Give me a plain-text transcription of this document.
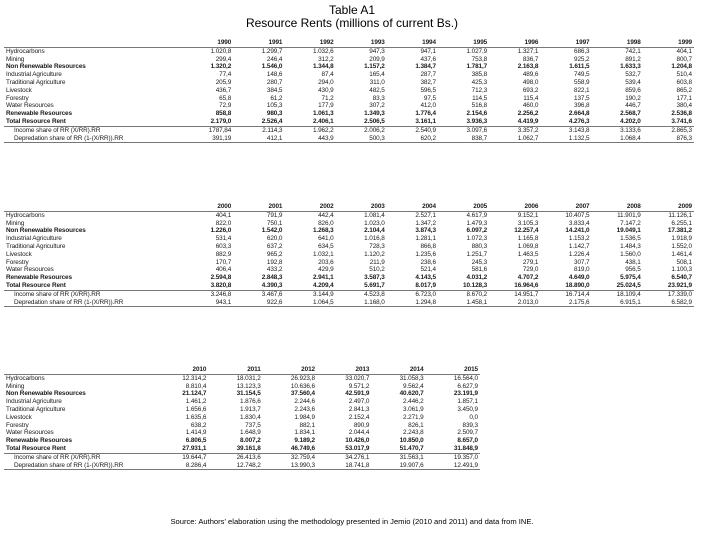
Table A1
Resource Rents (millions of current Bs.)
	1990	1991	1992	1993	1994	1995	1996	1997	1998	1999
Hydrocarbons	1.020,8	1.299,7	1.032,6	947,3	947,1	1.027,9	1.327,1	686,3	742,1	404,1
Mining	299,4	246,4	312,2	209,9	437,6	753,8	836,7	925,2	891,2	800,7
Non Renewable Resources	1.320,2	1.546,0	1.344,8	1.157,2	1.384,7	1.781,7	2.163,8	1.611,5	1.633,3	1.204,8
Industrial Agriculture	77,4	148,6	87,4	165,4	287,7	385,8	489,6	749,5	532,7	510,4
Traditional Agriculture	205,9	280,7	294,0	311,0	382,7	425,3	498,0	558,9	539,4	603,8
Livestock	436,7	384,5	430,9	482,5	596,5	712,3	693,2	822,1	859,6	865,2
Forestry	65,8	61,2	71,2	83,3	97,5	114,5	115,4	137,5	190,2	177,1
Water Resources	72,9	105,3	177,9	307,2	412,0	516,8	460,0	396,8	446,7	380,4
Renewable Resources	858,8	980,3	1.061,3	1.349,3	1.776,4	2.154,6	2.256,2	2.664,8	2.568,7	2.536,8
Total Resource Rent	2.179,0	2.526,4	2.406,1	2.506,5	3.161,1	3.936,3	4.419,9	4.276,3	4.202,0	3.741,6
Income share of RR (X/RR).RR	1787,84	2.114,3	1.962,2	2.006,2	2.540,9	3.097,6	3.357,2	3.143,8	3.133,6	2.865,3
Depredation share of RR (1-(X/RR)).RR	391,19	412,1	443,9	500,3	620,2	838,7	1.062,7	1.132,5	1.068,4	876,3
	2000	2001	2002	2003	2004	2005	2006	2007	2008	2009
Hydrocarbons	404,1	791,9	442,4	1.081,4	2.527,1	4.617,9	9.152,1	10.407,5	11.901,9	11.126,1
Mining	822,0	750,1	826,0	1.023,0	1.347,2	1.479,3	3.105,3	3.833,4	7.147,2	6.255,1
Non Renewable Resources	1.226,0	1.542,0	1.268,3	2.104,4	3.874,3	6.097,2	12.257,4	14.241,0	19.049,1	17.381,2
Industrial Agriculture	531,4	620,0	641,0	1.016,8	1.281,1	1.072,3	1.165,8	1.153,2	1.536,5	1.918,9
Traditional Agriculture	603,3	637,2	634,5	728,3	866,8	880,3	1.069,8	1.142,7	1.484,3	1.552,0
Livestock	882,9	965,2	1.032,1	1.120,2	1.235,6	1.251,7	1.463,5	1.226,4	1.560,0	1.461,4
Forestry	170,7	192,8	203,6	211,9	238,6	245,3	279,1	307,7	438,1	508,1
Water Resources	406,4	433,2	429,9	510,2	521,4	581,6	729,0	819,0	956,5	1.100,3
Renewable Resources	2.594,8	2.848,3	2.941,1	3.587,3	4.143,5	4.031,2	4.707,2	4.649,0	5.975,4	6.540,7
Total Resource Rent	3.820,8	4.390,3	4.209,4	5.691,7	8.017,9	10.128,3	16.964,6	18.890,0	25.024,5	23.921,9
Income share of RR (X/RR).RR	3.246,8	3.467,6	3.144,9	4.523,8	6.723,0	8.670,2	14.951,7	16.714,4	18.109,4	17.339,0
Depredation share of RR (1-(X/RR)).RR	943,1	922,6	1.064,5	1.168,0	1.294,8	1.458,1	2.013,0	2.175,6	6.915,1	6.582,9
	2010	2011	2012	2013	2014	2015
Hydrocarbons	12.314,2	18.031,2	26.923,8	33.020,7	31.058,3	16.564,0
Mining	8.810,4	13.123,3	10.636,6	9.571,2	9.562,4	6.627,9
Non Renewable Resources	21.124,7	31.154,5	37.560,4	42.591,9	40.620,7	23.191,9
Industrial Agriculture	1.461,2	1.876,6	2.244,6	2.497,0	2.446,2	1.857,1
Traditional Agriculture	1.656,6	1.913,7	2.243,6	2.841,3	3.061,9	3.450,9
Livestock	1.635,6	1.830,4	1.984,9	2.152,4	2.271,9	0,0
Forestry	638,2	737,5	882,1	890,9	826,1	839,3
Water Resources	1.414,9	1.648,9	1.834,1	2.044,4	2.243,8	2.509,7
Renewable Resources	6.806,5	8.007,2	9.189,2	10.426,0	10.850,0	8.657,0
Total Resource Rent	27.931,1	39.161,8	46.749,6	53.017,9	51.470,7	31.848,9
Income share of RR (X/RR).RR	19.644,7	26.413,6	32.759,4	34.276,1	31.563,1	19.357,0
Depredation share of RR (1-(X/RR)).RR	8.286,4	12.748,2	13.990,3	18.741,8	19.907,6	12.491,9
Source: Authors' elaboration using the methodology presented in Jemio (2010 and 2011) and data from INE.
